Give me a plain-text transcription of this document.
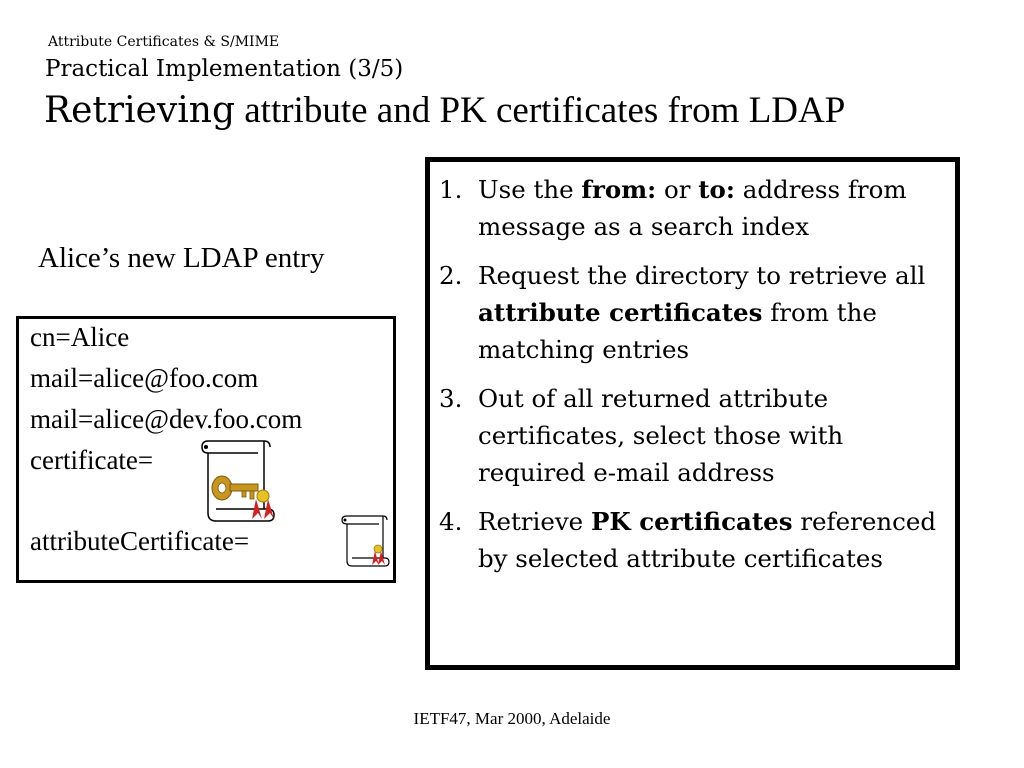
Attribute Certificates & S/MIME
Practical Implementation (3/5)
Retrieving attribute and PK certificates from LDAP
Alice’s new LDAP entry
cn=Alice
mail=alice@foo.com
mail=alice@dev.foo.com
certificate=
attributeCertificate=
1. Use the from: or to: address from message as a search index
2. Request the directory to retrieve all attribute certificates from the matching entries
3. Out of all returned attribute certificates, select those with required e-mail address
4. Retrieve PK certificates referenced by selected attribute certificates
IETF47, Mar 2000, Adelaide
